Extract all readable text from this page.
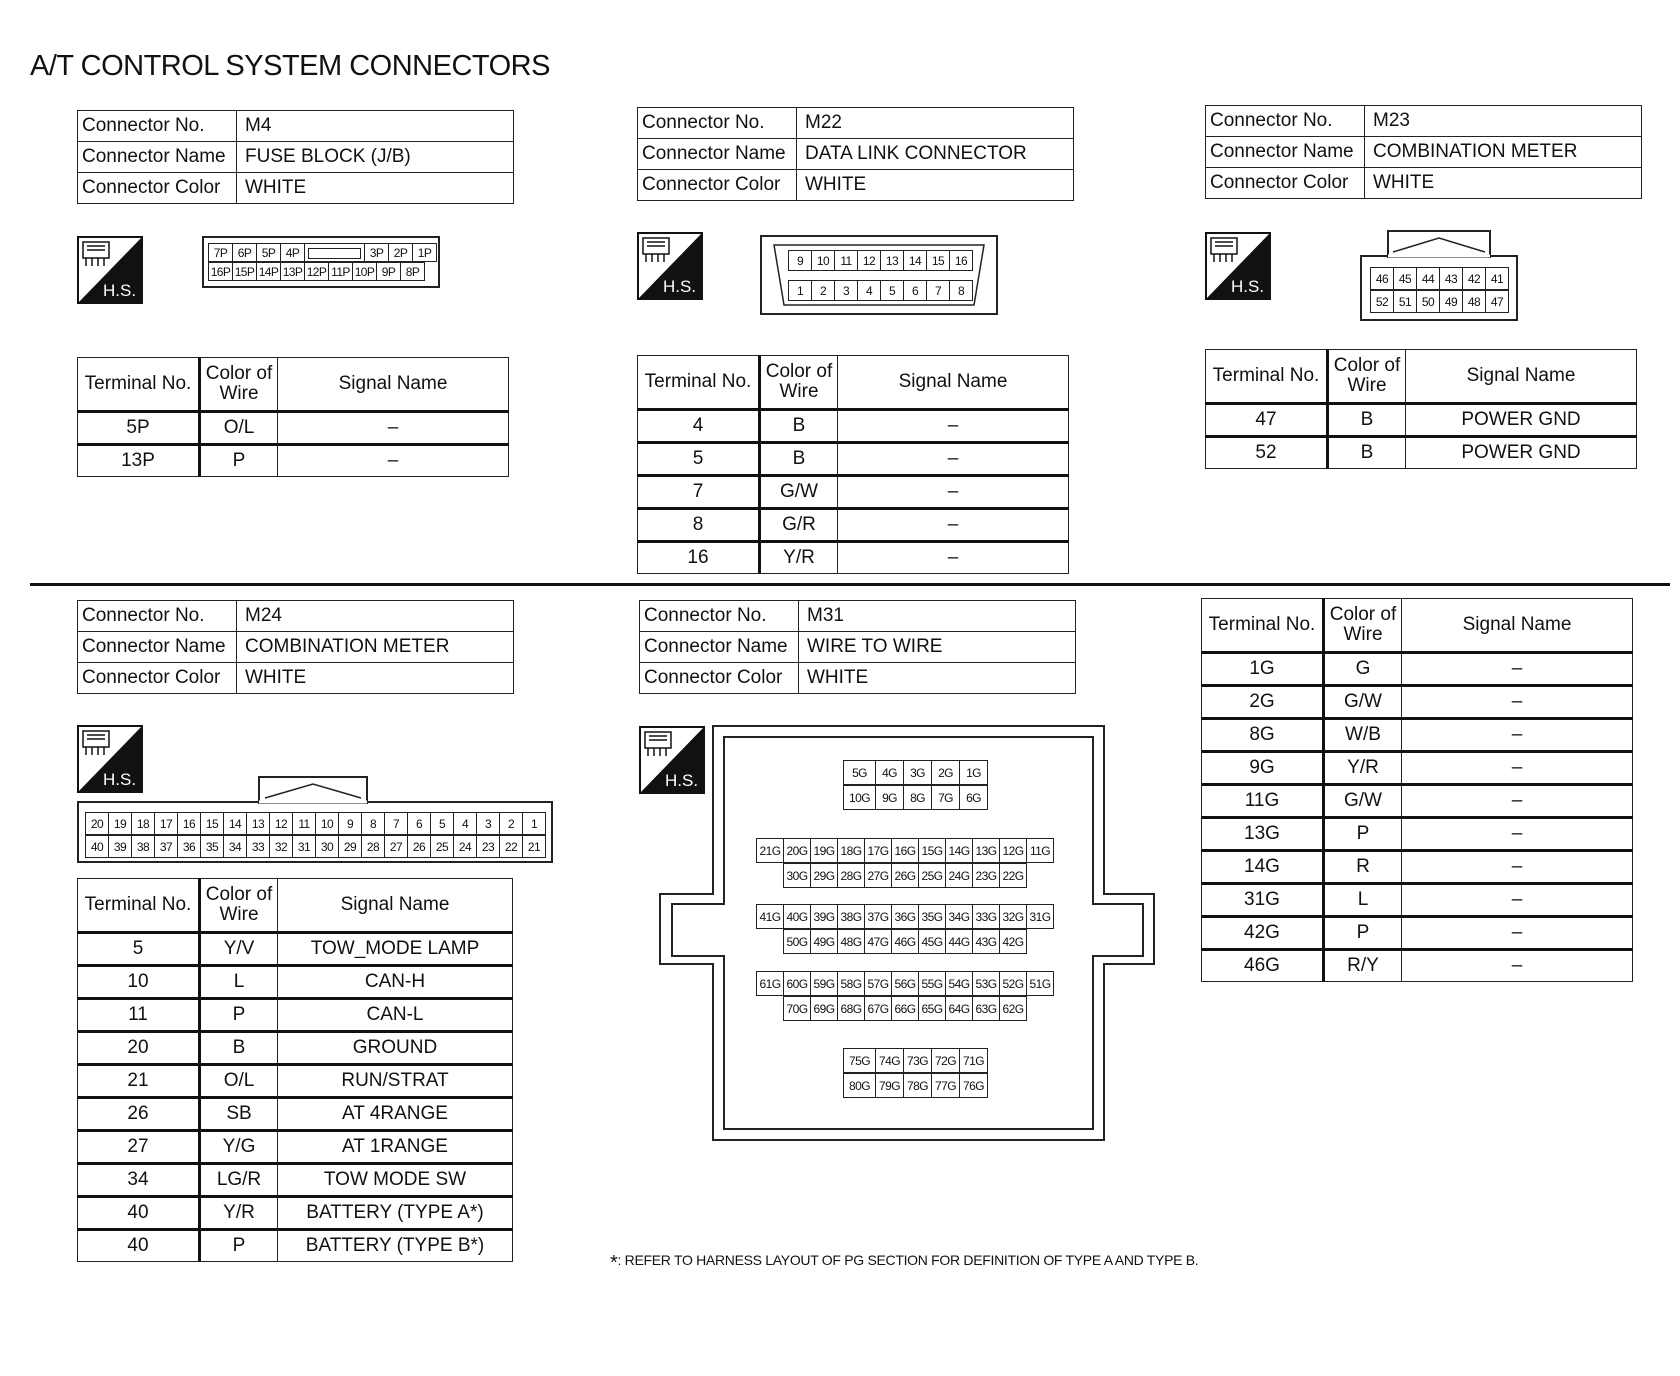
A/T CONTROL SYSTEM CONNECTORS
Connector No.	M4
Connector Name	FUSE BLOCK (J/B)
Connector Color	WHITE
H.S.
7P 6P 5P 4P	3P 2P 1P
16P 15P 14P 13P 12P 11P 10P 9P 8P
Terminal No.	Color of Wire	Signal Name
5P	O/L	–
13P	P	–
Connector No.	M22
Connector Name	DATA LINK CONNECTOR
Connector Color	WHITE
H.S.
9	10 11 12 13 14 15 16
1	2	3	4	5	6	7	8
Terminal No.	Color of Wire	Signal Name
4	B	–
5	B	–
7	G/W	–
8	G/R	–
16	Y/R	–
Connector No.	M23
Connector Name	COMBINATION METER
Connector Color	WHITE
H.S.	46 45 44 43 42 41
52 51 50 49 48 47
Terminal No.	Color of Wire	Signal Name
47	B	POWER GND
52	B	POWER GND
Connector No.	M24
Connector Name	COMBINATION METER
Connector Color	WHITE
H.S.
20 19 18 17 16 15 14 13 12 11 10	9	8	7	6	5	4	3	2	1
40 39 38 37 36 35 34 33 32 31 30 29 28 27 26 25 24 23 22 21
Terminal No.	Color of Wire	Signal Name
5	Y/V	TOW_MODE LAMP
10	L	CAN-H
11	P	CAN-L
20	B	GROUND
21	O/L	RUN/STRAT
26	SB	AT 4RANGE
27	Y/G	AT 1RANGE
34	LG/R	TOW MODE SW
40	Y/R	BATTERY (TYPE A*)
40	P	BATTERY (TYPE B*)
Connector No.	M31
Connector Name	WIRE TO WIRE
Connector Color	WHITE
H.S.	5G	4G	3G	2G	1G
10G	9G	8G	7G	6G
21G 20G 19G 18G 17G 16G 15G 14G 13G 12G 11G
30G 29G 28G 27G 26G 25G 24G 23G 22G
41G 40G 39G 38G 37G 36G 35G 34G 33G 32G 31G
50G 49G 48G 47G 46G 45G 44G 43G 42G
61G 60G 59G 58G 57G 56G 55G 54G 53G 52G 51G
70G 69G 68G 67G 66G 65G 64G 63G 62G
75G 74G 73G 72G 71G
80G 79G 78G 77G 76G
Terminal No.	Color of Wire	Signal Name
1G	G	–
2G	G/W	–
8G	W/B	–
9G	Y/R	–
11G	G/W	–
13G	P	–
14G	R	–
31G	L	–
42G	P	–
46G	R/Y	–
*: REFER TO HARNESS LAYOUT OF PG SECTION FOR DEFINITION OF TYPE A AND TYPE B.
